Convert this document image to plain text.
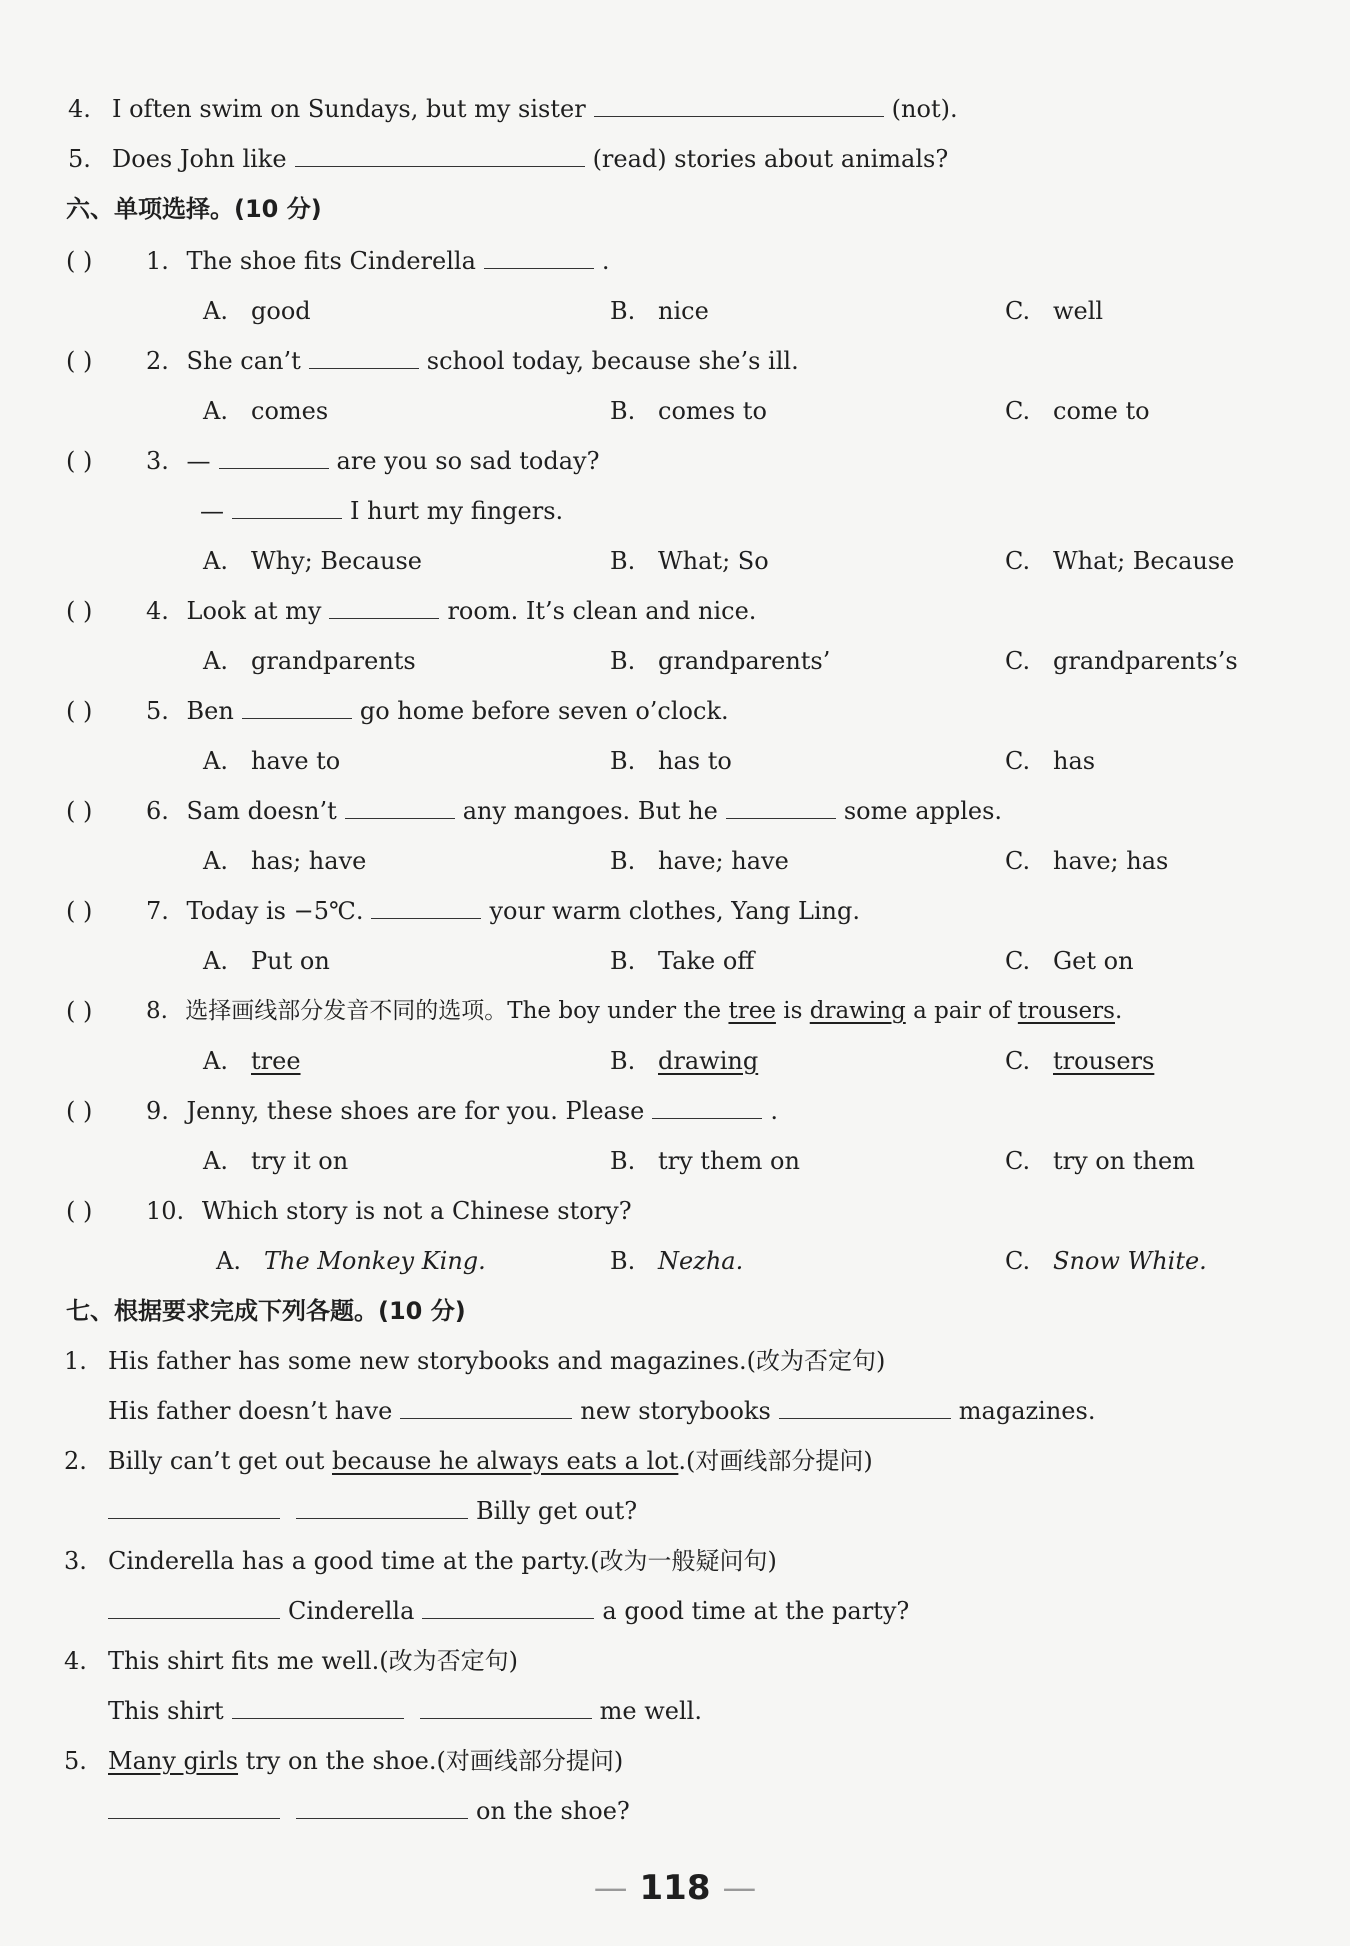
4. I often swim on Sundays, but my sister	(not).
5. Does John like	(read) stories about animals?
六、单项选择。(10 分)
( ) 1. The shoe fits Cinderella	.
A. good	B. nice	C. well
( ) 2. She can’t	school today, because she’s ill.
A. comes	B. comes to	C. come to
( ) 3. —	are you so sad today?
—	I hurt my fingers.
A. Why; Because	B. What; So	C. What; Because
( ) 4. Look at my	room. It’s clean and nice.
A. grandparents	B. grandparents’	C. grandparents’s
( ) 5. Ben	go home before seven o’clock.
A. have to	B. has to	C. has
( ) 6. Sam doesn’t	any mangoes. But he	some apples.
A. has; have	B. have; have	C. have; has
( ) 7. Today is −5℃.	your warm clothes, Yang Ling.
A. Put on	B. Take off	C. Get on
( ) 8. 选择画线部分发音不同的选项。The boy under the tree is drawing a pair of trousers.
A. tree	B. drawing	C. trousers
( ) 9. Jenny, these shoes are for you. Please	.
A. try it on	B. try them on	C. try on them
( ) 10. Which story is not a Chinese story?
A. The Monkey King.	B. Nezha.	C. Snow White.
七、根据要求完成下列各题。(10 分)
1. His father has some new storybooks and magazines.(改为否定句)
His father doesn’t have	new storybooks	magazines.
2. Billy can’t get out because he always eats a lot.(对画线部分提问)
Billy get out?
3. Cinderella has a good time at the party.(改为一般疑问句)
Cinderella	a good time at the party?
4. This shirt fits me well.(改为否定句)
This shirt	me well.
5. Many girls try on the shoe.(对画线部分提问)
on the shoe?
— 118 —
